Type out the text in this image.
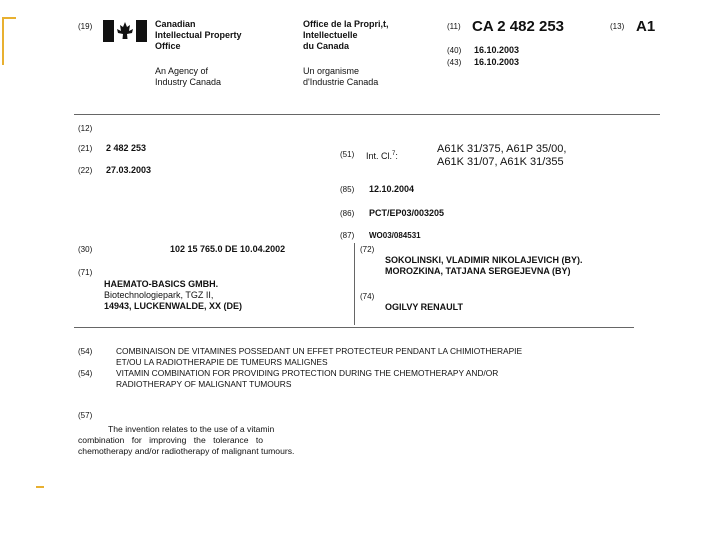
(19)	Canadian
Intellectual Property
Office
An Agency of
Industry Canada
Office de la Propri,t,
Intellectuelle
du Canada
Un organisme
d'Industrie Canada
(11) CA 2 482 253	(13) A1
(40) 16.10.2003
(43) 16.10.2003
(12)
(21) 2 482 253
(22) 27.03.2003
(51) Int. Cl.$^7$:
A61K 31/375, A61P 35/00,
A61K 31/07, A61K 31/355
(85) 12.10.2004
(86) PCT/EP03/003205
(87) WO03/084531
(30)	102 15 765.0 DE 10.04.2002	(72)
SOKOLINSKI, VLADIMIR NIKOLAJEVICH (BY).
MOROZKINA, TATJANA SERGEJEVNA (BY)
(71)
HAEMATO-BASICS GMBH.
Biotechnologiepark, TGZ II,
14943, LUCKENWALDE, XX (DE)
(74)
OGILVY RENAULT
(54)	COMBINAISON DE VITAMINES POSSEDANT UN EFFET PROTECTEUR PENDANT LA CHIMIOTHERAPIE
ET/OU LA RADIOTHERAPIE DE TUMEURS MALIGNES
(54)	VITAMIN COMBINATION FOR PROVIDING PROTECTION DURING THE CHEMOTHERAPY AND/OR
RADIOTHERAPY OF MALIGNANT TUMOURS
(57)
The invention relates to the use of a vitamin
combination for improving the tolerance to
chemotherapy and/or radiotherapy of malignant tumours.
